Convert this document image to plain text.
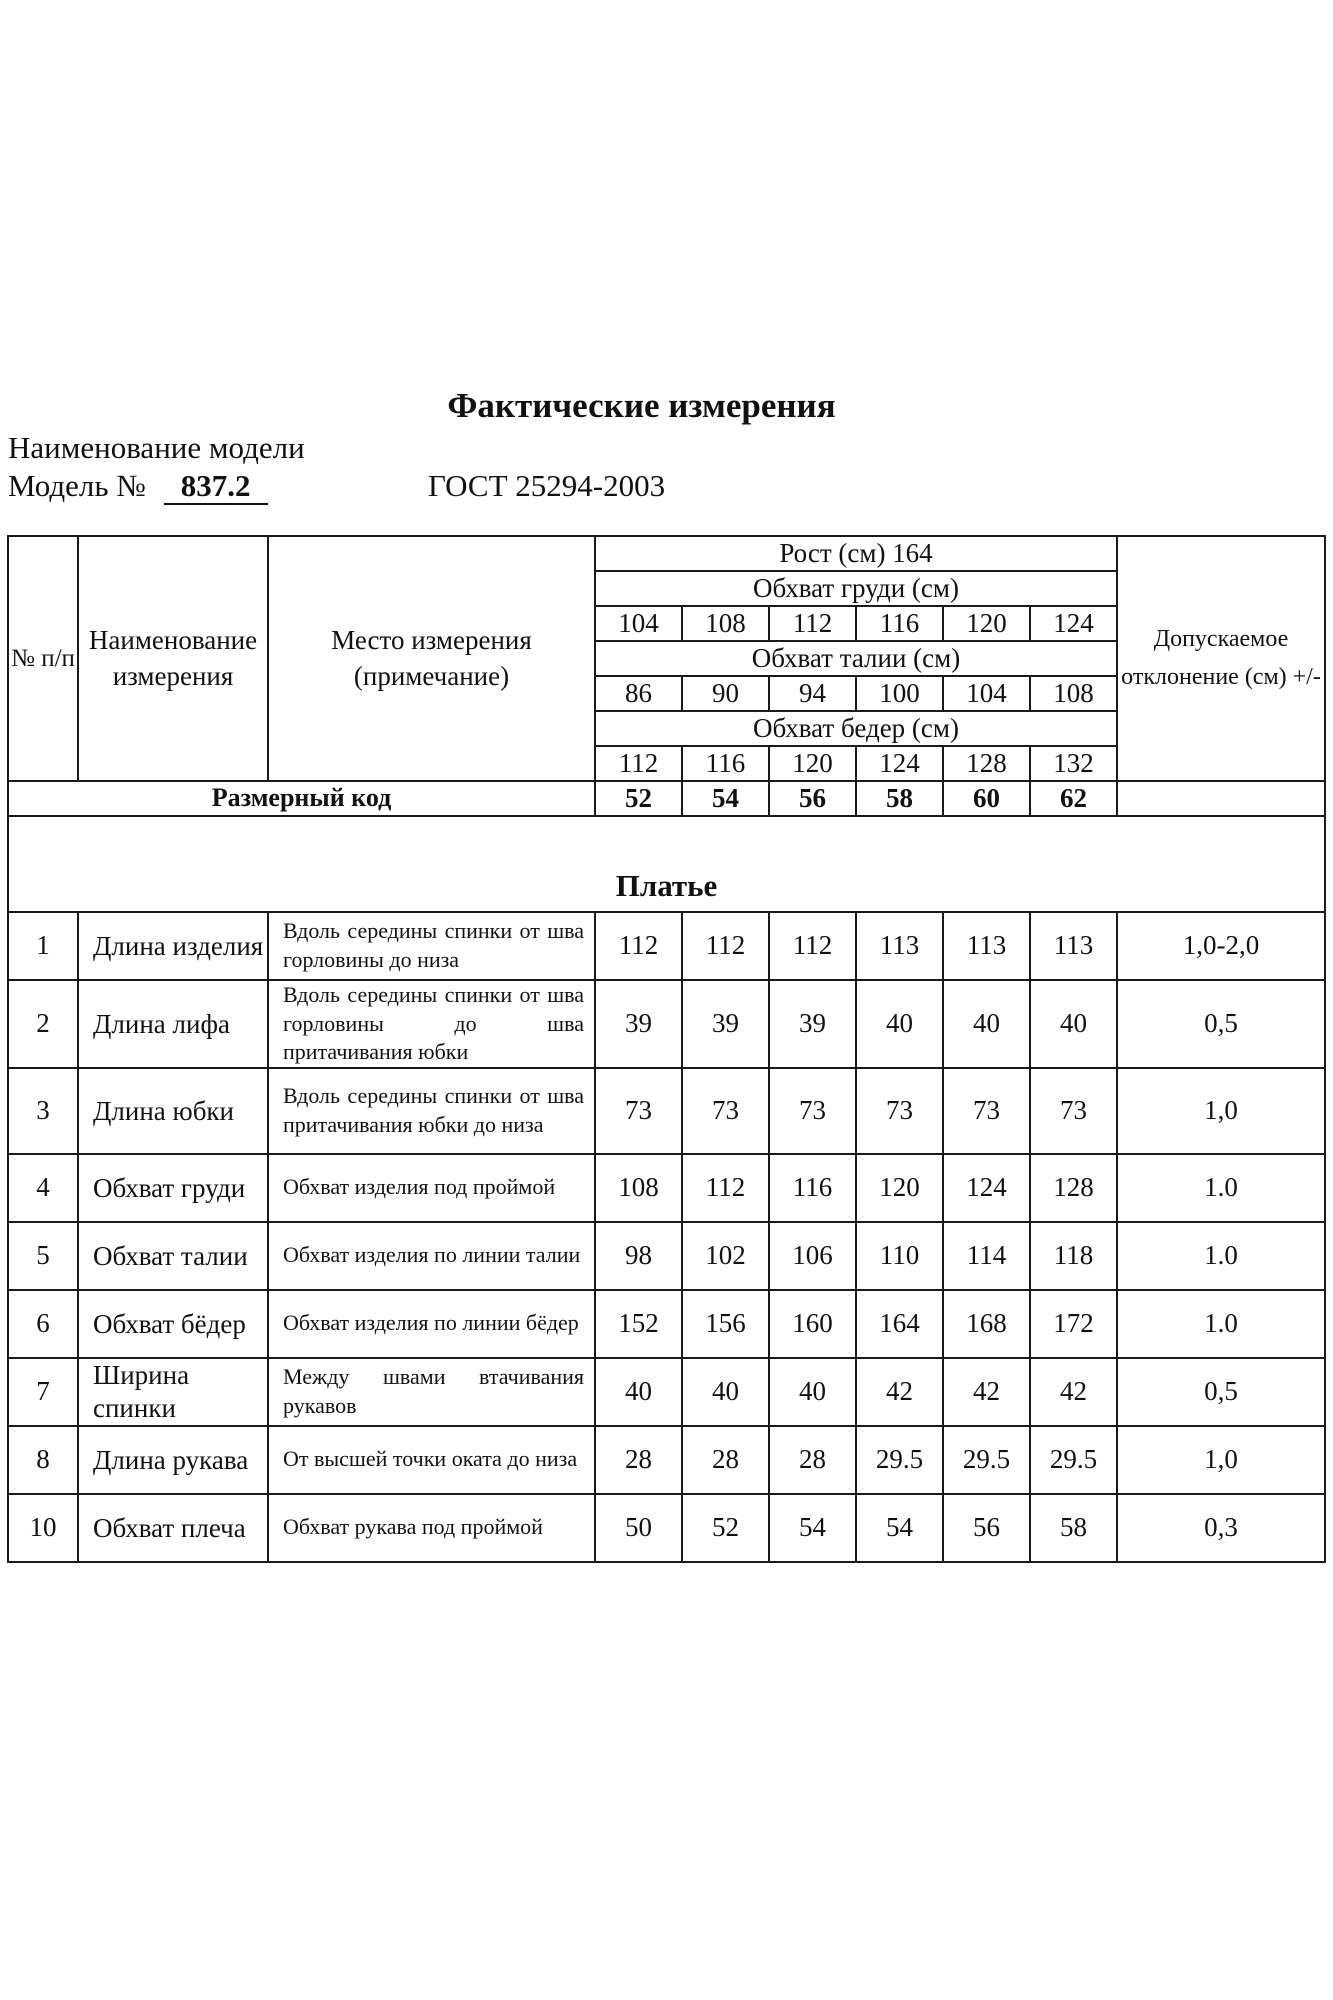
Фактические измерения
Наименование модели
Модель № 837.2	ГОСТ 25294-2003
№ п/п	Наименование измерения	Место измерения (примечание)	Рост (см) 164						Допускаемое отклонение (см) +/-
			Обхват груди (см)						
			104	108	112	116	120	124	
			Обхват талии (см)						
			86	90	94	100	104	108	
			Обхват бедер (см)						
			112	116	120	124	128	132	
Размерный код			52	54	56	58	60	62	
Платье									
1	Длина изделия	Вдоль середины спинки от шва горловины до низа	112	112	112	113	113	113	1,0-2,0
2	Длина лифа	Вдоль середины спинки от шва горловины до шва притачивания юбки	39	39	39	40	40	40	0,5
3	Длина юбки	Вдоль середины спинки от шва притачивания юбки до низа	73	73	73	73	73	73	1,0
4	Обхват груди	Обхват изделия под проймой	108	112	116	120	124	128	1.0
5	Обхват талии	Обхват изделия по линии талии	98	102	106	110	114	118	1.0
6	Обхват бёдер	Обхват изделия по линии бёдер	152	156	160	164	168	172	1.0
7	Ширина спинки	Между швами втачивания рукавов	40	40	40	42	42	42	0,5
8	Длина рукава	От высшей точки оката до низа	28	28	28	29.5	29.5	29.5	1,0
10	Обхват плеча	Обхват рукава под проймой	50	52	54	54	56	58	0,3
